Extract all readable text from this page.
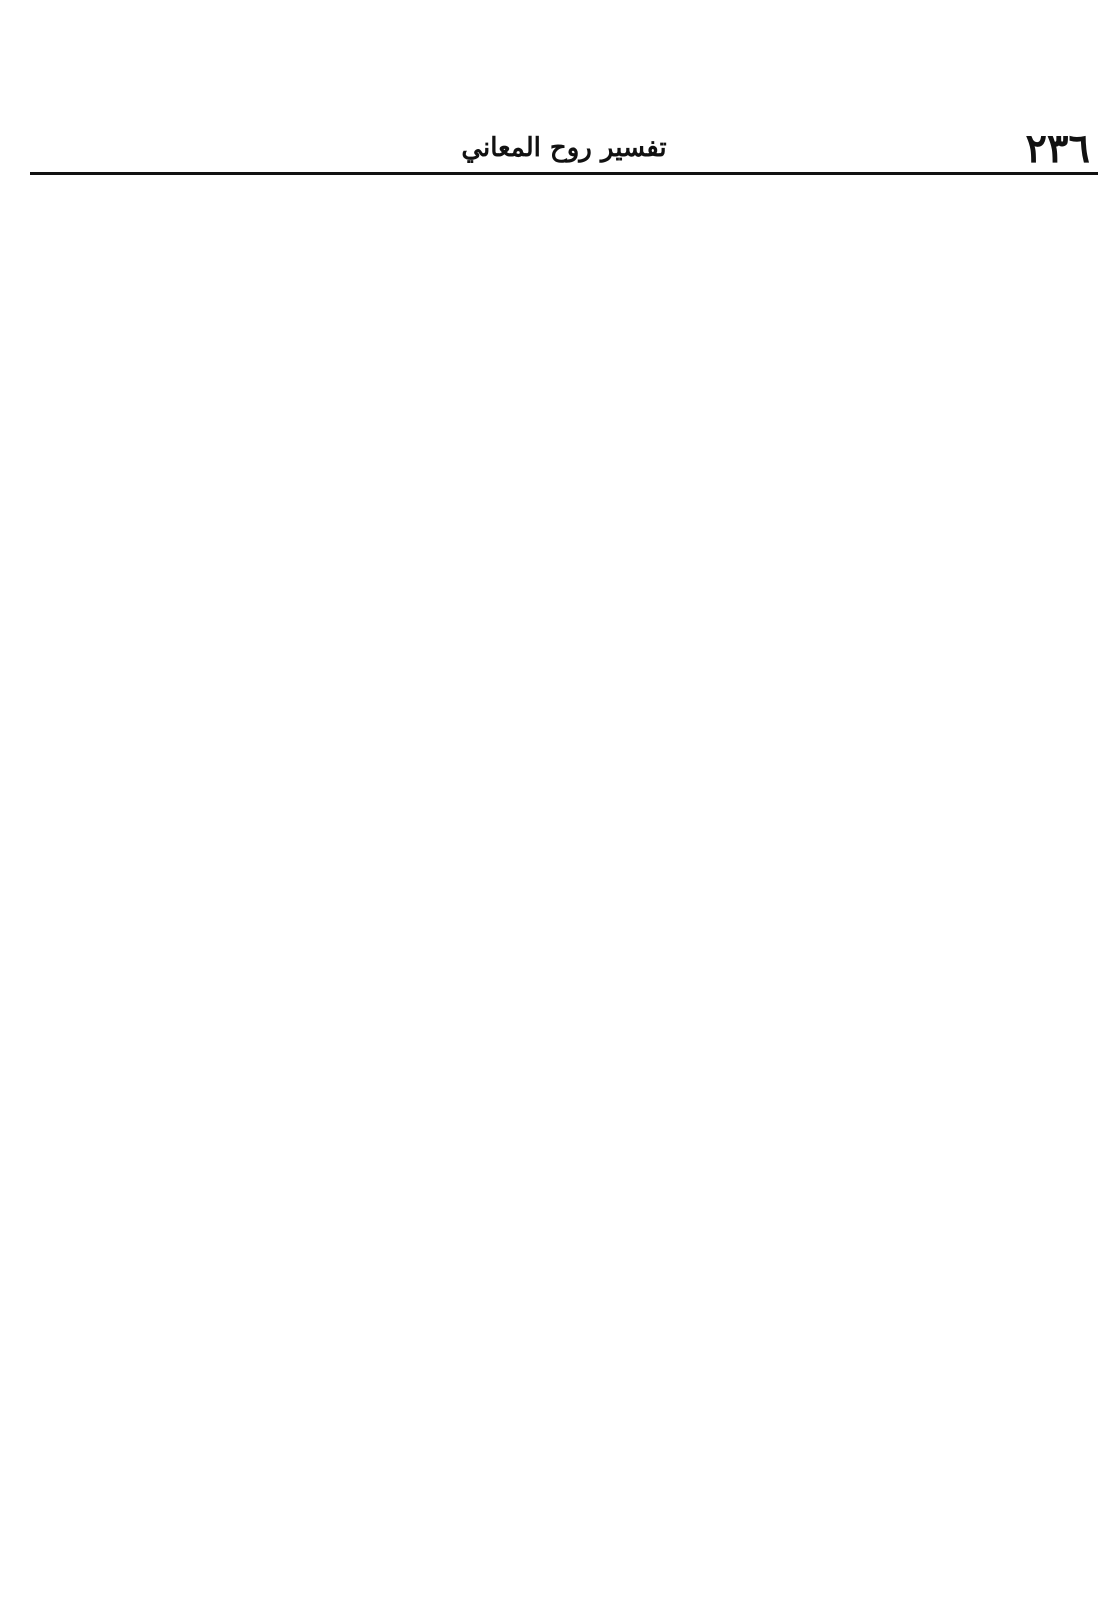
٢٣٦
تفسير روح المعاني
